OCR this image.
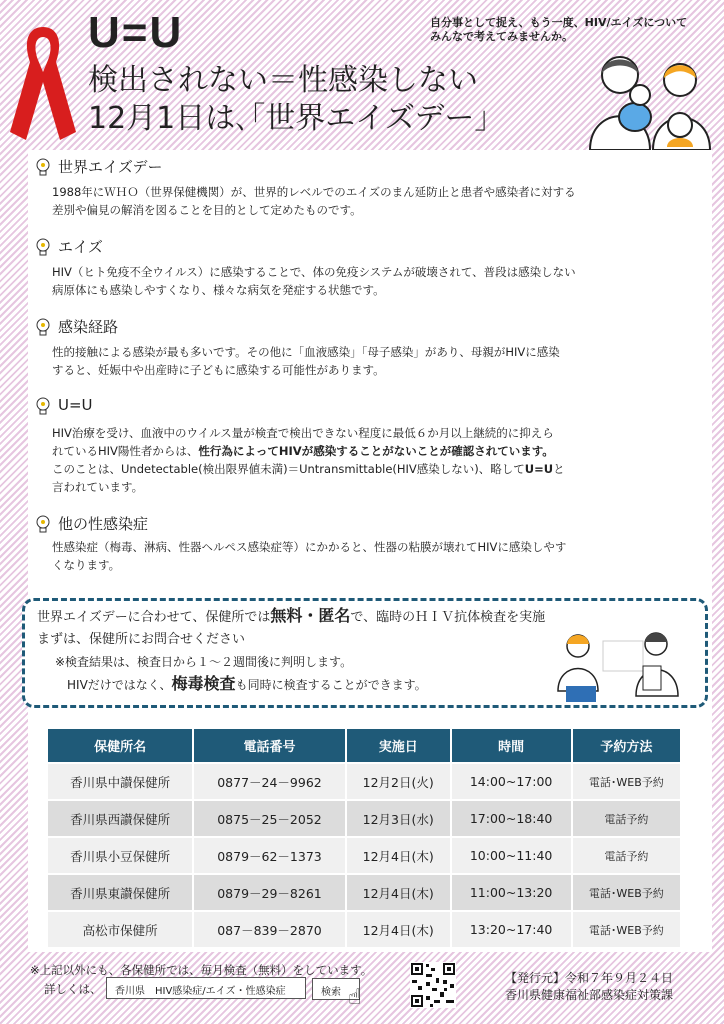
U=U
検出されない＝性感染しない
12月1日は､｢世界エイズデー｣
自分事として捉え、もう一度、HIV/エイズについて
みんなで考えてみませんか。
世界エイズデー
1988年にＷＨＯ（世界保健機関）が、世界的レベルでのエイズのまん延防止と患者や感染者に対する
差別や偏見の解消を図ることを目的として定めたものです。
エイズ
HIV（ヒト免疫不全ウイルス）に感染することで、体の免疫システムが破壊されて、普段は感染しない
病原体にも感染しやすくなり、様々な病気を発症する状態です。
感染経路
性的接触による感染が最も多いです。その他に「血液感染」「母子感染」があり、母親がHIVに感染
すると、妊娠中や出産時に子どもに感染する可能性があります。
U=U
HIV治療を受け、血液中のウイルス量が検査で検出できない程度に最低６か月以上継続的に抑えら
れているHIV陽性者からは、性行為によってHIVが感染することがないことが確認されています。
このことは、Undetectable(検出限界値未満)＝Untransmittable(HIV感染しない)、略してU=Uと
言われています。
他の性感染症
性感染症（梅毒、淋病、性器ヘルペス感染症等）にかかると、性器の粘膜が壊れてHIVに感染しやす
くなります。
世界エイズデーに合わせて、保健所では無料・匿名で、臨時のＨＩＶ抗体検査を実施
まずは、保健所にお問合せください
※検査結果は、検査日から１～２週間後に判明します。
HIVだけではなく、梅毒検査も同時に検査することができます。
保健所名	電話番号	実施日	時間	予約方法
香川県中讃保健所	0877－24－9962	12月2日(火)	14:00~17:00	電話･WEB予約
香川県西讃保健所	0875－25－2052	12月3日(水)	17:00~18:40	電話予約
香川県小豆保健所	0879－62－1373	12月4日(木)	10:00~11:40	電話予約
香川県東讃保健所	0879－29－8261	12月4日(木)	11:00~13:20	電話･WEB予約
高松市保健所	087－839－2870	12月4日(木)	13:20~17:40	電話･WEB予約
※上記以外にも、各保健所では、毎月検査（無料）をしています。
詳しくは、	香川県　HIV感染症/エイズ・性感染症	検索 ☝
【発行元】令和７年９月２４日
香川県健康福祉部感染症対策課
